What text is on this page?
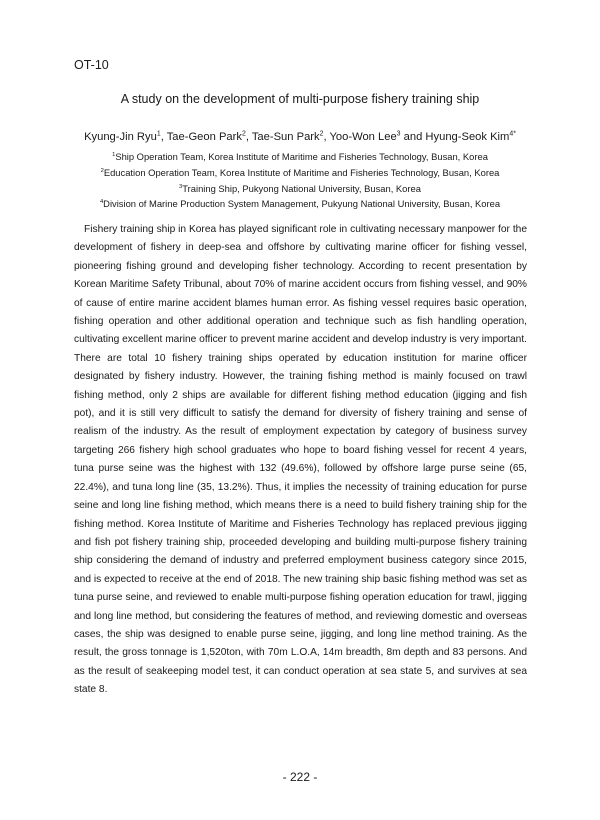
OT-10
A study on the development of multi-purpose fishery training ship
Kyung-Jin Ryu$^1$, Tae-Geon Park$^2$, Tae-Sun Park$^2$, Yoo-Won Lee$^3$ and Hyung-Seok Kim$^{4*}$
$^1$Ship Operation Team, Korea Institute of Maritime and Fisheries Technology, Busan, Korea
$^2$Education Operation Team, Korea Institute of Maritime and Fisheries Technology, Busan, Korea
$^3$Training Ship, Pukyong National University, Busan, Korea
$^4$Division of Marine Production System Management, Pukyung National University, Busan, Korea

Fishery training ship in Korea has played significant role in cultivating necessary manpower for the development of fishery in deep-sea and offshore by cultivating marine officer for fishing vessel, pioneering fishing ground and developing fisher technology. According to recent presentation by Korean Maritime Safety Tribunal, about 70% of marine accident occurs from fishing vessel, and 90% of cause of entire marine accident blames human error. As fishing vessel requires basic operation, fishing operation and other additional operation and technique such as fish handling operation, cultivating excellent marine officer to prevent marine accident and develop industry is very important. There are total 10 fishery training ships operated by education institution for marine officer designated by fishery industry. However, the training fishing method is mainly focused on trawl fishing method, only 2 ships are available for different fishing method education (jigging and fish pot), and it is still very difficult to satisfy the demand for diversity of fishery training and sense of realism of the industry. As the result of employment expectation by category of business survey targeting 266 fishery high school graduates who hope to board fishing vessel for recent 4 years, tuna purse seine was the highest with 132 (49.6%), followed by offshore large purse seine (65, 22.4%), and tuna long line (35, 13.2%). Thus, it implies the necessity of training education for purse seine and long line fishing method, which means there is a need to build fishery training ship for the fishing method. Korea Institute of Maritime and Fisheries Technology has replaced previous jigging and fish pot fishery training ship, proceeded developing and building multi-purpose fishery training ship considering the demand of industry and preferred employment business category since 2015, and is expected to receive at the end of 2018. The new training ship basic fishing method was set as tuna purse seine, and reviewed to enable multi-purpose fishing operation education for trawl, jigging and long line method, but considering the features of method, and reviewing domestic and overseas cases, the ship was designed to enable purse seine, jigging, and long line method training. As the result, the gross tonnage is 1,520ton, with 70m L.O.A, 14m breadth, 8m depth and 83 persons. And as the result of seakeeping model test, it can conduct operation at sea state 5, and survives at sea state 8.

- 222 -
